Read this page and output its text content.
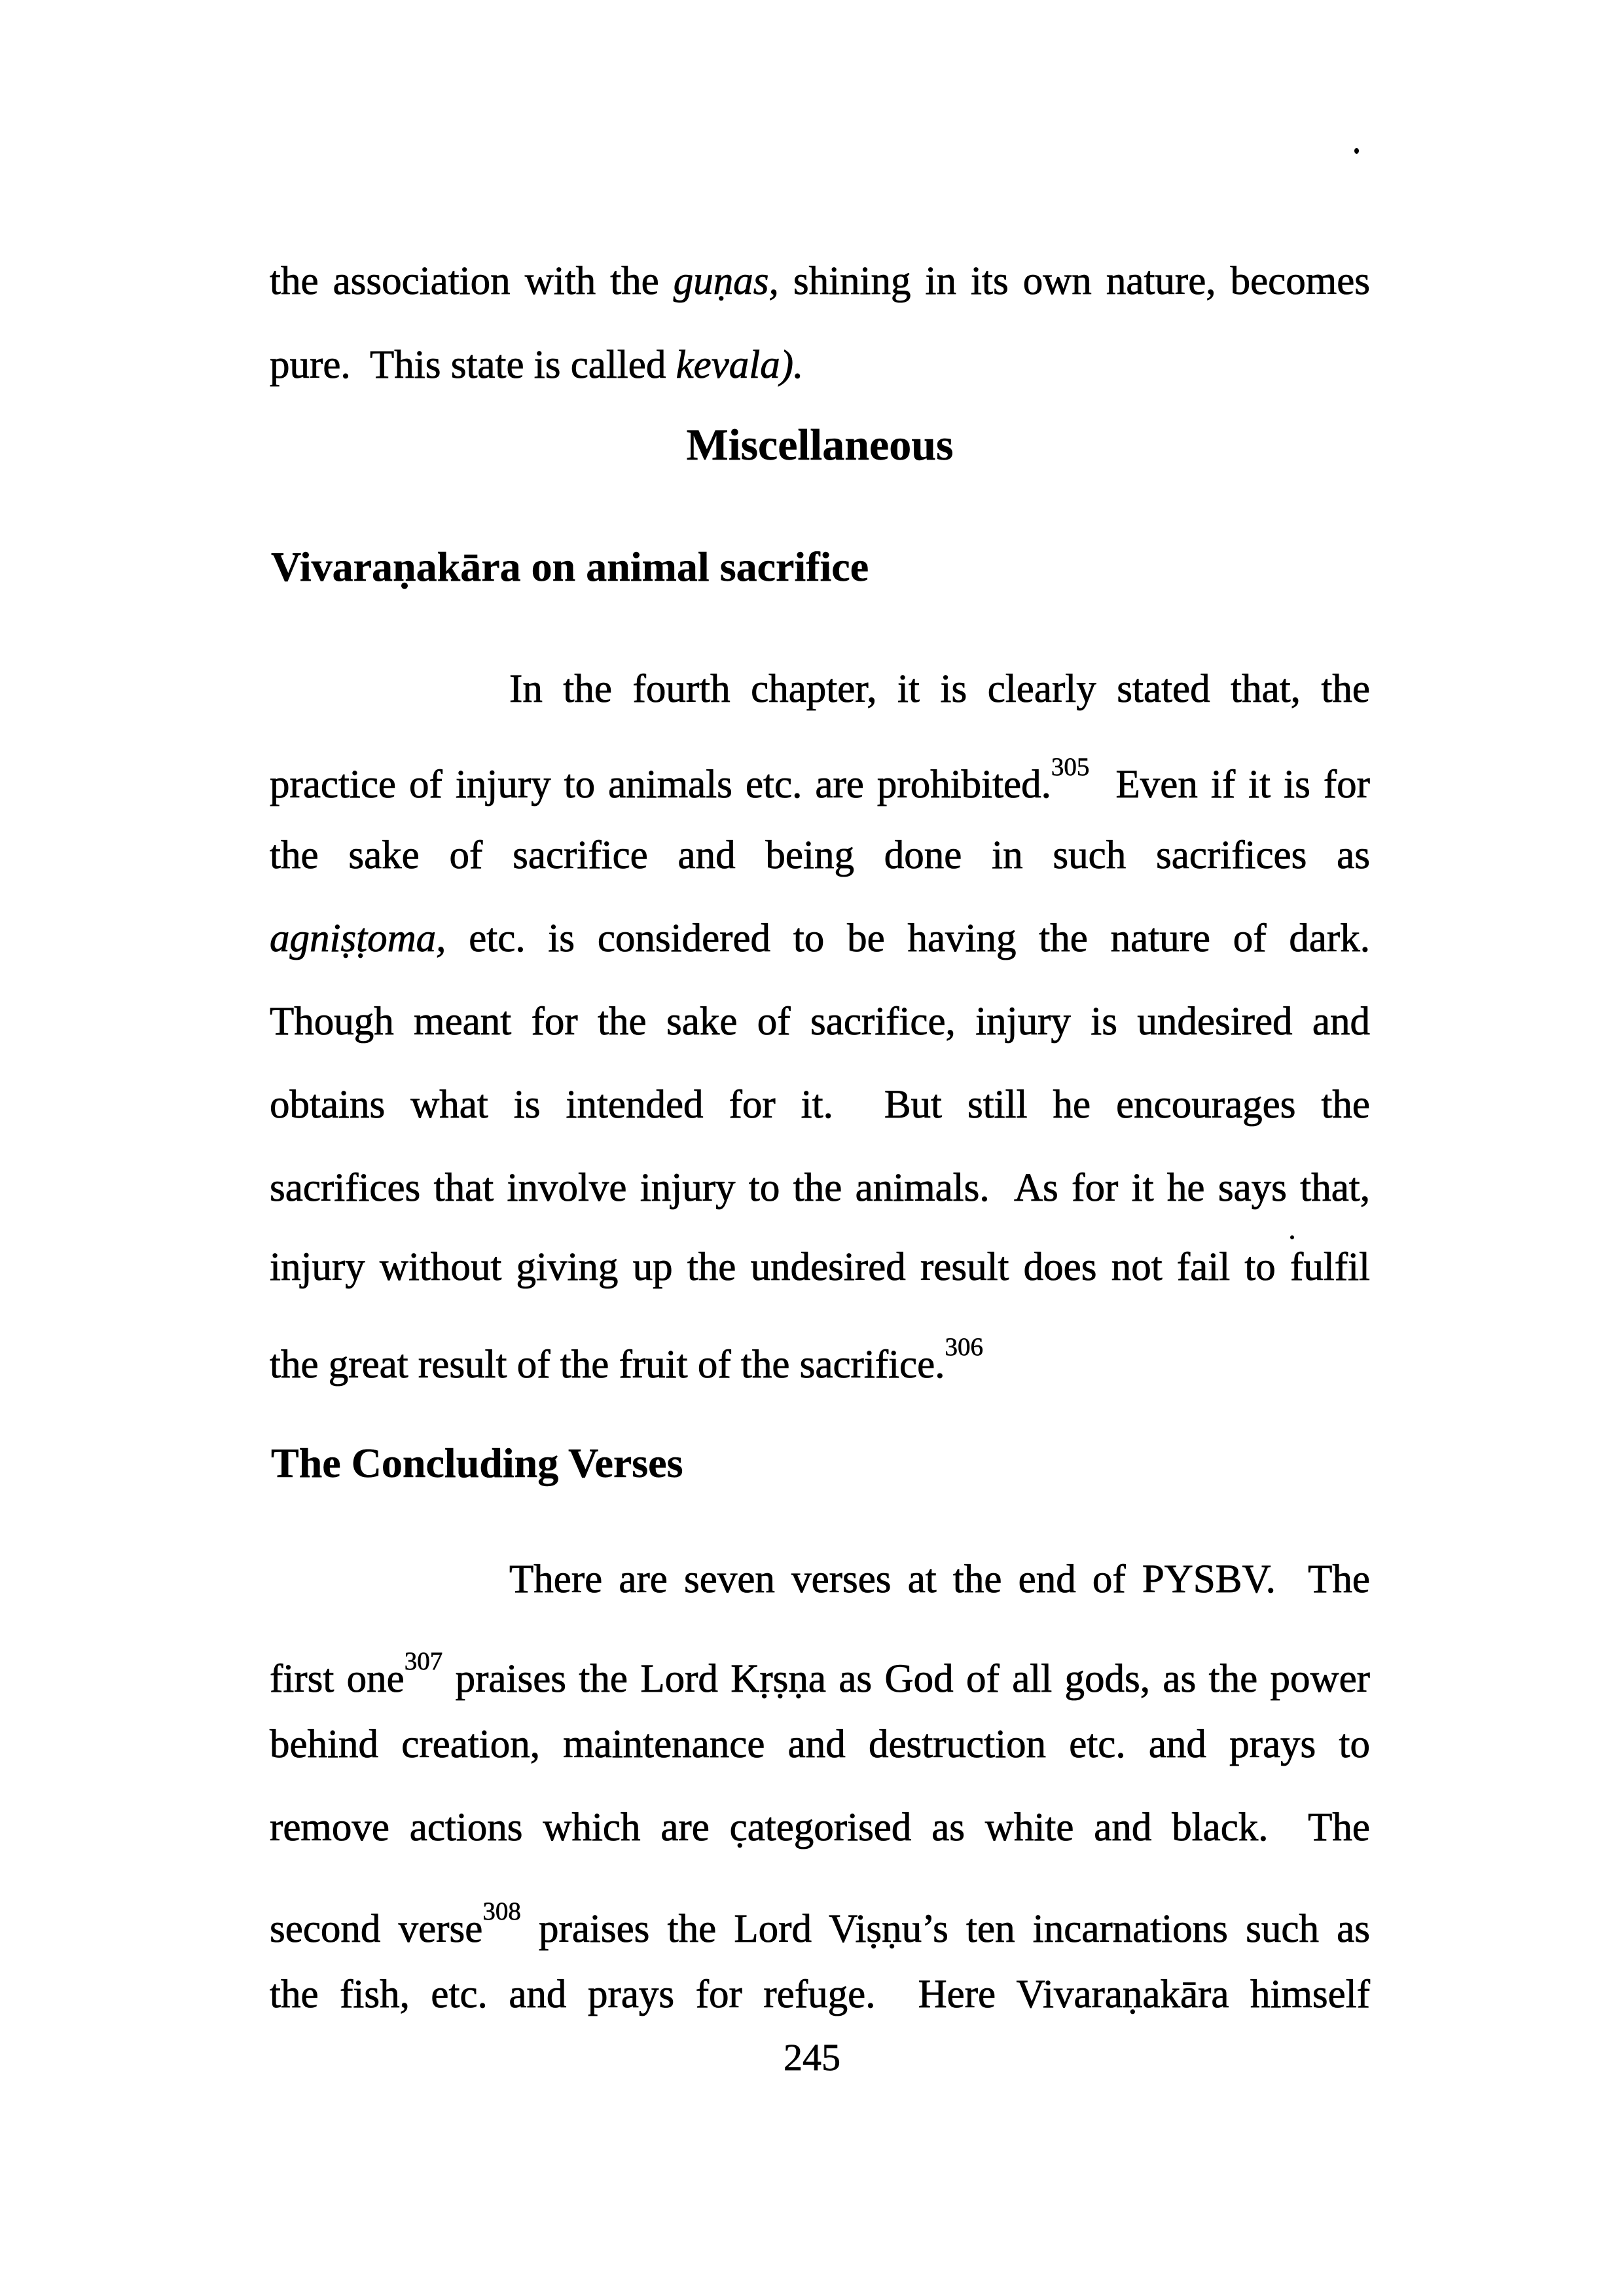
the association with the guṇas, shining in its own nature, becomes
pure.  This state is called kevala).
Miscellaneous
Vivaraṇakāra on animal sacrifice
In the fourth chapter, it is clearly stated that, the
practice of injury to animals etc. are prohibited.$^{305}$  Even if it is for
the sake of sacrifice and being done in such sacrifices as
agniṣṭoma, etc. is considered to be having the nature of dark.
Though meant for the sake of sacrifice, injury is undesired and
obtains what is intended for it.  But still he encourages the
sacrifices that involve injury to the animals.  As for it he says that,
injury without giving up the undesired result does not fail to fulfil
the great result of the fruit of the sacrifice.$^{306}$
The Concluding Verses
There are seven verses at the end of PYSBV.  The
first one$^{307}$ praises the Lord Kṛṣṇa as God of all gods, as the power
behind creation, maintenance and destruction etc. and prays to
remove actions which are c̣ategorised as white and black.  The
second verse$^{308}$ praises the Lord Viṣṇu’s ten incarnations such as
the fish, etc. and prays for refuge.  Here Vivaraṇakāra himself
245
